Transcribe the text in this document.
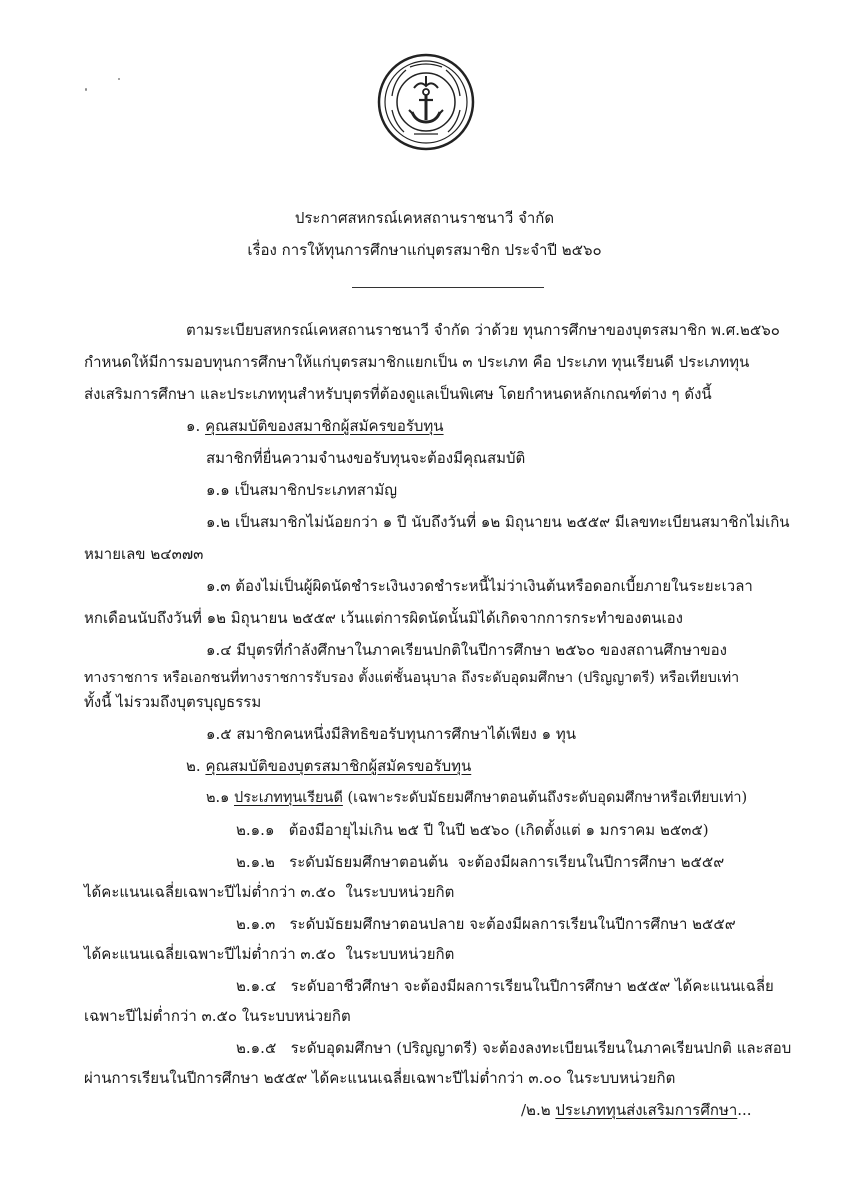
ประกาศสหกรณ์เคหสถานราชนาวี จำกัด
เรื่อง การให้ทุนการศึกษาแก่บุตรสมาชิก ประจำปี ๒๕๖๐
ตามระเบียบสหกรณ์เคหสถานราชนาวี จำกัด ว่าด้วย ทุนการศึกษาของบุตรสมาชิก พ.ศ.๒๕๖๐
กำหนดให้มีการมอบทุนการศึกษาให้แก่บุตรสมาชิกแยกเป็น ๓ ประเภท คือ ประเภท ทุนเรียนดี ประเภททุน
ส่งเสริมการศึกษา และประเภททุนสำหรับบุตรที่ต้องดูแลเป็นพิเศษ โดยกำหนดหลักเกณฑ์ต่าง ๆ ดังนี้
๑. คุณสมบัติของสมาชิกผู้สมัครขอรับทุน
สมาชิกที่ยื่นความจำนงขอรับทุนจะต้องมีคุณสมบัติ
๑.๑ เป็นสมาชิกประเภทสามัญ
๑.๒ เป็นสมาชิกไม่น้อยกว่า ๑ ปี นับถึงวันที่ ๑๒ มิถุนายน ๒๕๕๙ มีเลขทะเบียนสมาชิกไม่เกิน
หมายเลข ๒๔๓๗๓
๑.๓ ต้องไม่เป็นผู้ผิดนัดชำระเงินงวดชำระหนี้ไม่ว่าเงินต้นหรือดอกเบี้ยภายในระยะเวลา
หกเดือนนับถึงวันที่ ๑๒ มิถุนายน ๒๕๕๙ เว้นแต่การผิดนัดนั้นมิได้เกิดจากการกระทำของตนเอง
๑.๔ มีบุตรที่กำลังศึกษาในภาคเรียนปกติในปีการศึกษา ๒๕๖๐ ของสถานศึกษาของ
ทางราชการ หรือเอกชนที่ทางราชการรับรอง ตั้งแต่ชั้นอนุบาล ถึงระดับอุดมศึกษา (ปริญญาตรี) หรือเทียบเท่า
ทั้งนี้ ไม่รวมถึงบุตรบุญธรรม
๑.๕ สมาชิกคนหนึ่งมีสิทธิขอรับทุนการศึกษาได้เพียง ๑ ทุน
๒. คุณสมบัติของบุตรสมาชิกผู้สมัครขอรับทุน
๒.๑ ประเภททุนเรียนดี (เฉพาะระดับมัธยมศึกษาตอนต้นถึงระดับอุดมศึกษาหรือเทียบเท่า)
๒.๑.๑   ต้องมีอายุไม่เกิน ๒๕ ปี ในปี ๒๕๖๐ (เกิดตั้งแต่ ๑ มกราคม ๒๕๓๕)
๒.๑.๒   ระดับมัธยมศึกษาตอนต้น  จะต้องมีผลการเรียนในปีการศึกษา ๒๕๕๙
ได้คะแนนเฉลี่ยเฉพาะปีไม่ต่ำกว่า ๓.๕๐  ในระบบหน่วยกิต
๒.๑.๓   ระดับมัธยมศึกษาตอนปลาย จะต้องมีผลการเรียนในปีการศึกษา ๒๕๕๙
ได้คะแนนเฉลี่ยเฉพาะปีไม่ต่ำกว่า ๓.๕๐  ในระบบหน่วยกิต
๒.๑.๔   ระดับอาชีวศึกษา จะต้องมีผลการเรียนในปีการศึกษา ๒๕๕๙ ได้คะแนนเฉลี่ย
เฉพาะปีไม่ต่ำกว่า ๓.๕๐ ในระบบหน่วยกิต
๒.๑.๕   ระดับอุดมศึกษา (ปริญญาตรี) จะต้องลงทะเบียนเรียนในภาคเรียนปกติ และสอบ
ผ่านการเรียนในปีการศึกษา ๒๕๕๙ ได้คะแนนเฉลี่ยเฉพาะปีไม่ต่ำกว่า ๓.๐๐ ในระบบหน่วยกิต
/๒.๒ ประเภททุนส่งเสริมการศึกษา...
